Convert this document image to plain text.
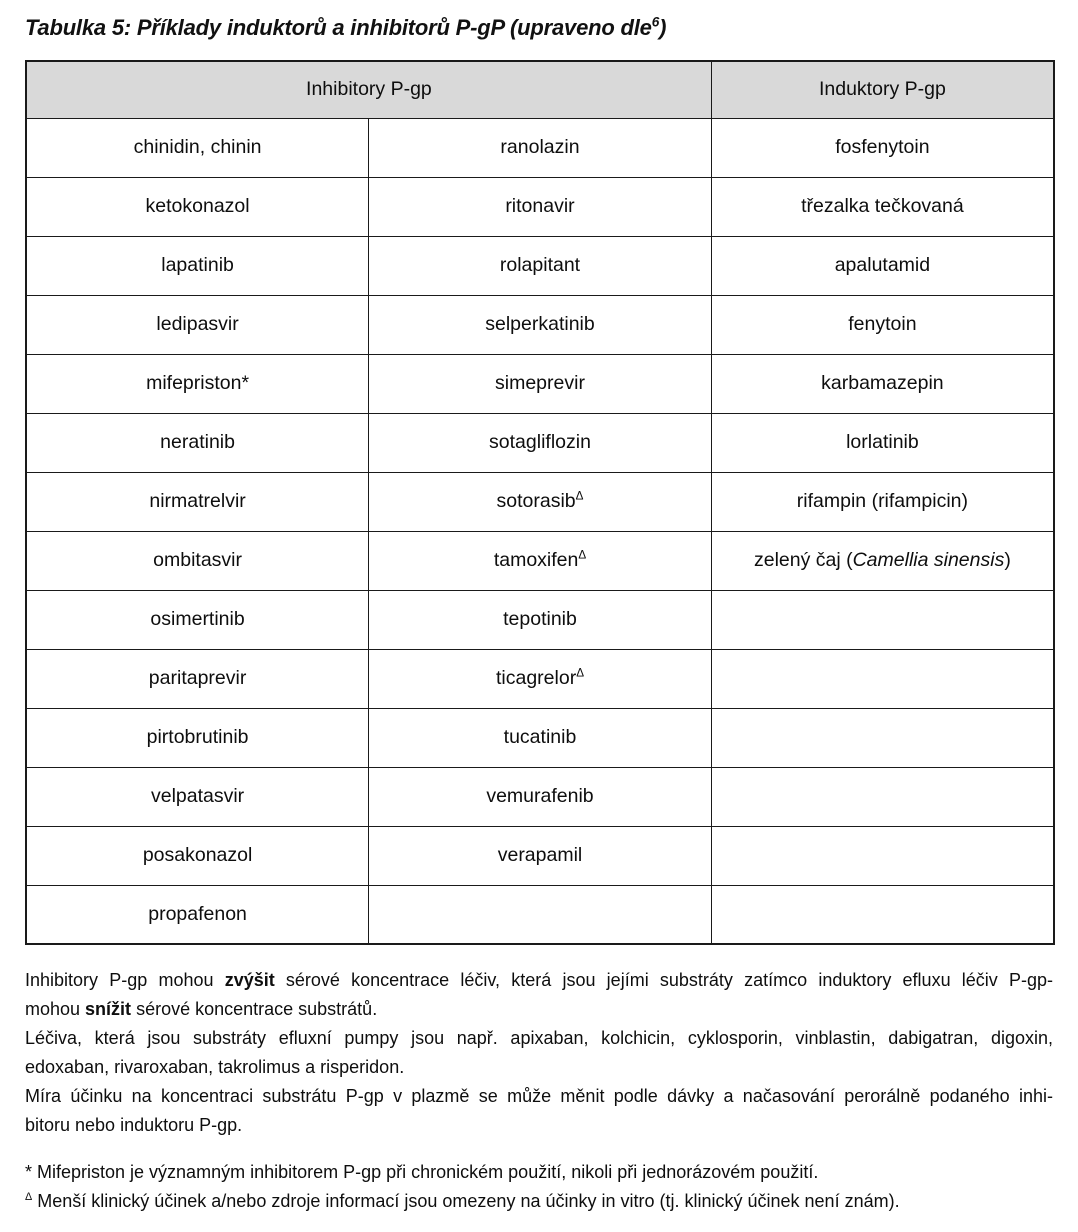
Tabulka 5: Příklady induktorů a inhibitorů P-gP (upraveno dle$^6$)
Inhibitory P-gp		Induktory P-gp
chinidin, chinin	ranolazin	fosfenytoin
ketokonazol	ritonavir	třezalka tečkovaná
lapatinib	rolapitant	apalutamid
ledipasvir	selperkatinib	fenytoin
mifepriston*	simeprevir	karbamazepin
neratinib	sotagliflozin	lorlatinib
nirmatrelvir	sotorasib$^\Delta$	rifampin (rifampicin)
ombitasvir	tamoxifen$^\Delta$	zelený čaj (Camellia sinensis)
osimertinib	tepotinib	
paritaprevir	ticagrelor$^\Delta$	
pirtobrutinib	tucatinib	
velpatasvir	vemurafenib	
posakonazol	verapamil	
propafenon		
Inhibitory P-gp mohou zvýšit sérové koncentrace léčiv, která jsou jejími substráty zatímco induktory efluxu léčiv P-gp-
mohou snížit sérové koncentrace substrátů.
Léčiva, která jsou substráty efluxní pumpy jsou např. apixaban, kolchicin, cyklosporin, vinblastin, dabigatran, digoxin,
edoxaban, rivaroxaban, takrolimus a risperidon.
Míra účinku na koncentraci substrátu P-gp v plazmě se může měnit podle dávky a načasování perorálně podaného inhi-
bitoru nebo induktoru P-gp.
* Mifepriston je významným inhibitorem P-gp při chronickém použití, nikoli při jednorázovém použití.
$^\Delta$ Menší klinický účinek a/nebo zdroje informací jsou omezeny na účinky in vitro (tj. klinický účinek není znám).
